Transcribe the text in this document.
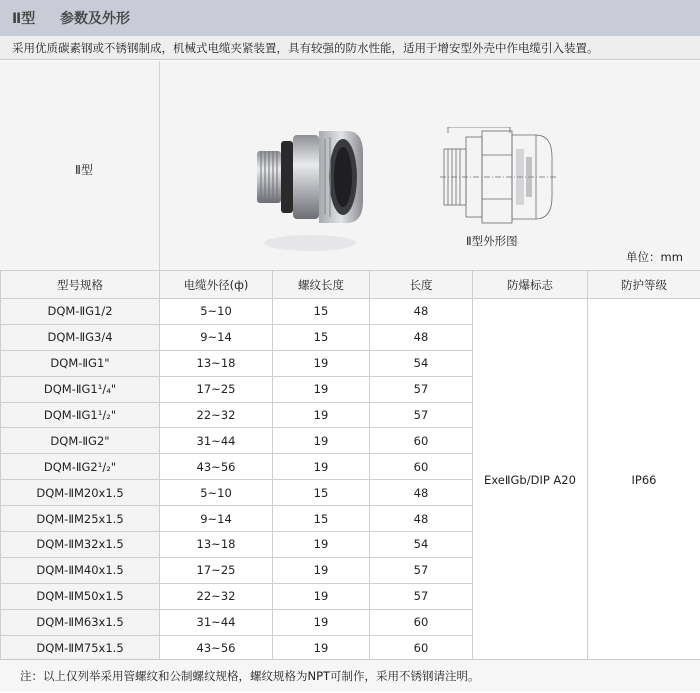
Ⅱ型 参数及外形
采用优质碳素钢或不锈钢制成，机械式电缆夹紧装置，具有较强的防水性能，适用于增安型外壳中作电缆引入装置。
Ⅱ型
Ⅱ型外形图
单位：mm
型号规格	电缆外径(ф)	螺纹长度	长度	防爆标志	防护等级
DQM-ⅡG1/2	5~10	15	48	ExeⅡGb/DIP A20	IP66
DQM-ⅡG3/4	9~14	15	48		
DQM-ⅡG1"	13~18	19	54		
DQM-ⅡG1¹/₄"	17~25	19	57		
DQM-ⅡG1¹/₂"	22~32	19	57		
DQM-ⅡG2"	31~44	19	60		
DQM-ⅡG2¹/₂"	43~56	19	60		
DQM-ⅡM20x1.5	5~10	15	48		
DQM-ⅡM25x1.5	9~14	15	48		
DQM-ⅡM32x1.5	13~18	19	54		
DQM-ⅡM40x1.5	17~25	19	57		
DQM-ⅡM50x1.5	22~32	19	57		
DQM-ⅡM63x1.5	31~44	19	60		
DQM-ⅡM75x1.5	43~56	19	60		
注：以上仅列举采用管螺纹和公制螺纹规格，螺纹规格为NPT可制作，采用不锈钢请注明。
